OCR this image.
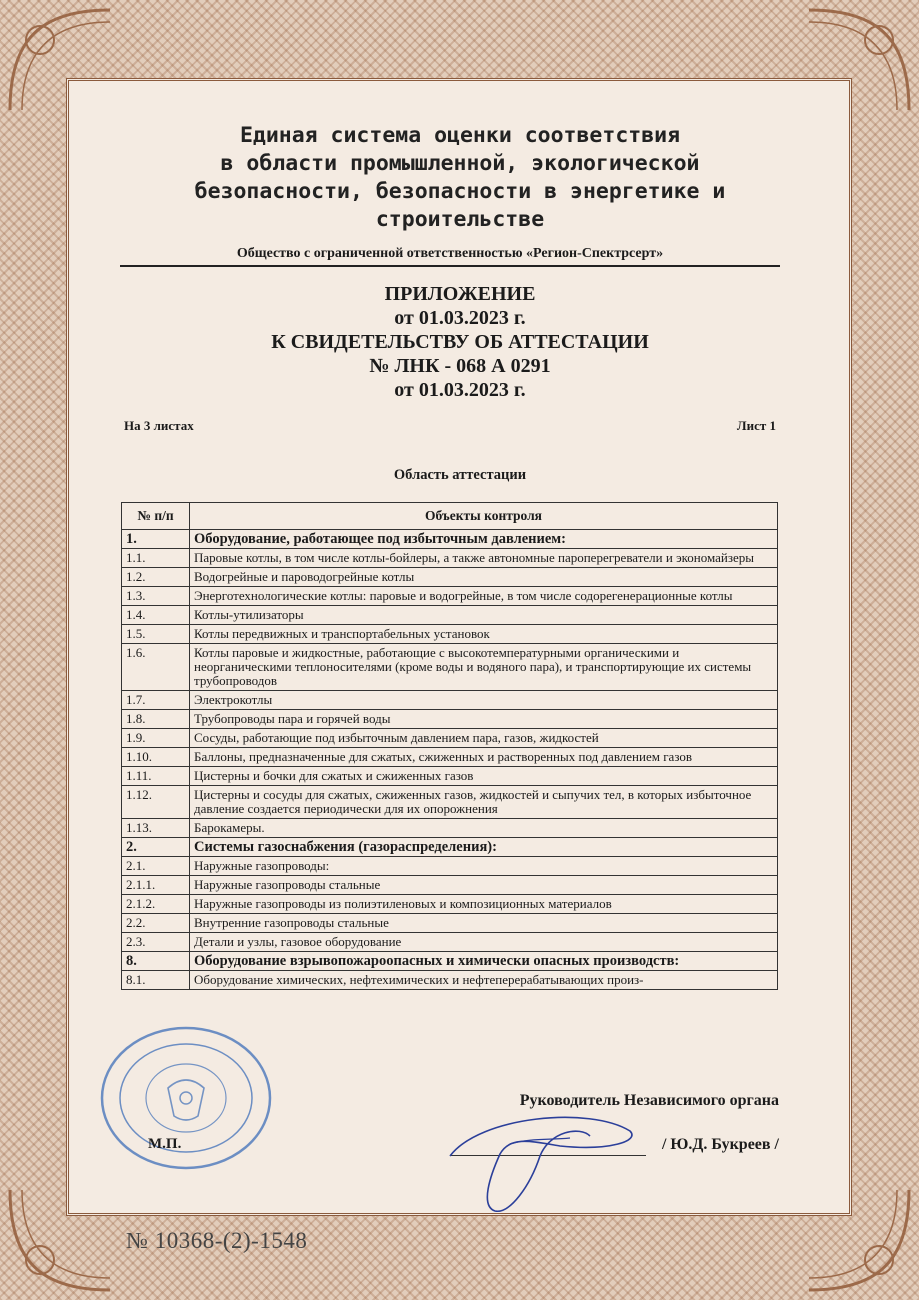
Единая система оценки соответствия
в области промышленной, экологической
безопасности, безопасности в энергетике и
строительстве
Общество с ограниченной ответственностью «Регион-Спектрсерт»
ПРИЛОЖЕНИЕ
от 01.03.2023 г.
К СВИДЕТЕЛЬСТВУ ОБ АТТЕСТАЦИИ
№ ЛНК - 068 А 0291
от 01.03.2023 г.
На 3 листах	Лист 1
Область аттестации
№ п/п	Объекты контроля
1.	Оборудование, работающее под избыточным давлением:
1.1.	Паровые котлы, в том числе котлы-бойлеры, а также автономные пароперегреватели и экономайзеры
1.2.	Водогрейные и пароводогрейные котлы
1.3.	Энерготехнологические котлы: паровые и водогрейные, в том числе содорегенерационные котлы
1.4.	Котлы-утилизаторы
1.5.	Котлы передвижных и транспортабельных установок
1.6.	Котлы паровые и жидкостные, работающие с высокотемпературными органическими и неорганическими теплоносителями (кроме воды и водяного пара), и транспортирующие их системы трубопроводов
1.7.	Электрокотлы
1.8.	Трубопроводы пара и горячей воды
1.9.	Сосуды, работающие под избыточным давлением пара, газов, жидкостей
1.10.	Баллоны, предназначенные для сжатых, сжиженных и растворенных под давлением газов
1.11.	Цистерны и бочки для сжатых и сжиженных газов
1.12.	Цистерны и сосуды для сжатых, сжиженных газов, жидкостей и сыпучих тел, в которых избыточное давление создается периодически для их опорожнения
1.13.	Барокамеры.
2.	Системы газоснабжения (газораспределения):
2.1.	Наружные газопроводы:
2.1.1.	Наружные газопроводы стальные
2.1.2.	Наружные газопроводы из полиэтиленовых и композиционных материалов
2.2.	Внутренние газопроводы стальные
2.3.	Детали и узлы, газовое оборудование
8.	Оборудование взрывопожароопасных и химически опасных производств:
8.1.	Оборудование химических, нефтехимических и нефтеперерабатывающих произ-
Руководитель Независимого органа
М.П.	/ Ю.Д. Букреев /
№ 10368-(2)-1548
